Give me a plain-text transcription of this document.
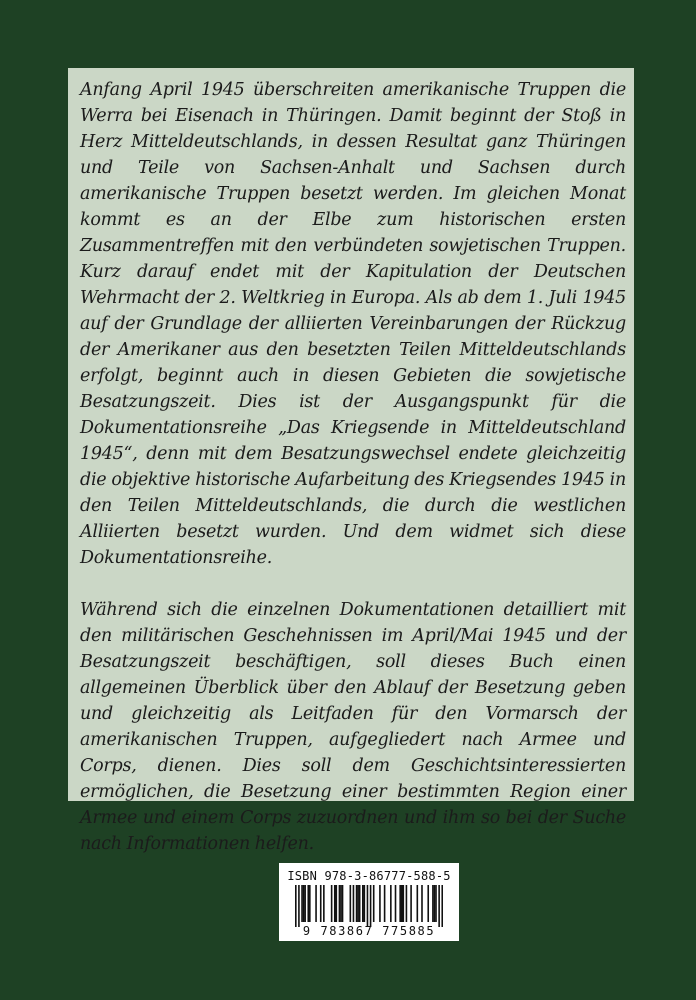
Anfang April 1945 überschreiten amerikanische Truppen die Werra bei Eisenach in Thüringen. Damit beginnt der Stoß in Herz Mitteldeutschlands, in dessen Resultat ganz Thüringen und Teile von Sachsen-Anhalt und Sachsen durch amerikanische Truppen besetzt werden. Im gleichen Monat kommt es an der Elbe zum historischen ersten Zusammentreffen mit den verbündeten sowjetischen Truppen. Kurz darauf endet mit der Kapitulation der Deutschen Wehrmacht der 2. Weltkrieg in Europa. Als ab dem 1. Juli 1945 auf der Grundlage der alliierten Vereinbarungen der Rückzug der Amerikaner aus den besetzten Teilen Mitteldeutschlands erfolgt, beginnt auch in diesen Gebieten die sowjetische Besatzungszeit. Dies ist der Ausgangspunkt für die Dokumentationsreihe „Das Kriegsende in Mitteldeutschland 1945“, denn mit dem Besatzungswechsel endete gleichzeitig die objektive historische Aufarbeitung des Kriegsendes 1945 in den Teilen Mitteldeutschlands, die durch die westlichen Alliierten besetzt wurden. Und dem widmet sich diese Dokumentationsreihe.

Während sich die einzelnen Dokumentationen detailliert mit den militärischen Geschehnissen im April/Mai 1945 und der Besatzungszeit beschäftigen, soll dieses Buch einen allgemeinen Überblick über den Ablauf der Besetzung geben und gleichzeitig als Leitfaden für den Vormarsch der amerikanischen Truppen, aufgegliedert nach Armee und Corps, dienen. Dies soll dem Geschichtsinteressierten ermöglichen, die Besetzung einer bestimmten Region einer Armee und einem Corps zuzuordnen und ihm so bei der Suche nach Informationen helfen.

ISBN 978-3-86777-588-5
9 783867 775885
